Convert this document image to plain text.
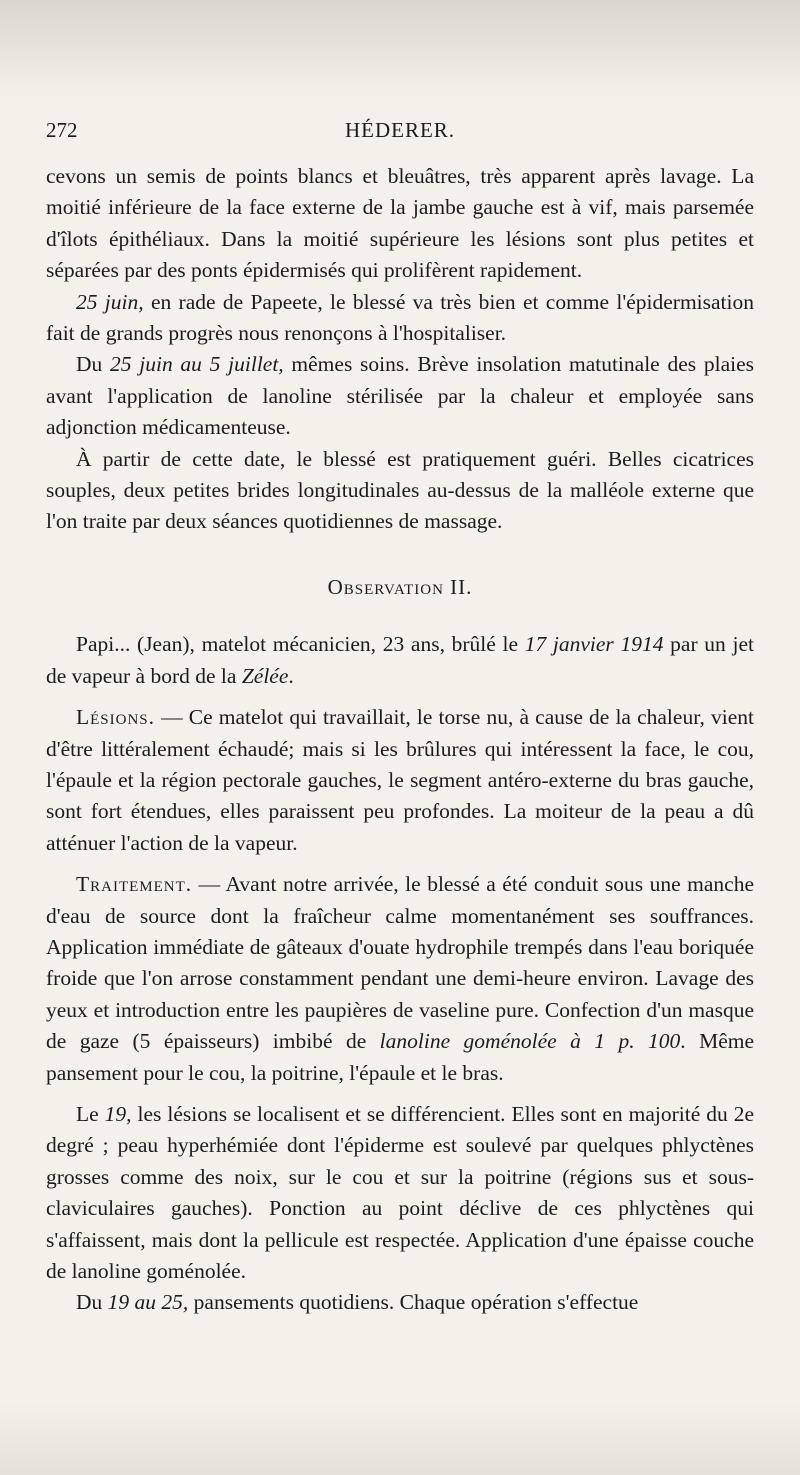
272	HÉDERER.

cevons un semis de points blancs et bleuâtres, très apparent après lavage. La moitié inférieure de la face externe de la jambe gauche est à vif, mais parsemée d'îlots épithéliaux. Dans la moitié supérieure les lésions sont plus petites et séparées par des ponts épidermisés qui prolifèrent rapidement.

25 juin, en rade de Papeete, le blessé va très bien et comme l'épidermisation fait de grands progrès nous renonçons à l'hospitaliser.

Du 25 juin au 5 juillet, mêmes soins. Brève insolation matutinale des plaies avant l'application de lanoline stérilisée par la chaleur et employée sans adjonction médicamenteuse.

À partir de cette date, le blessé est pratiquement guéri. Belles cicatrices souples, deux petites brides longitudinales au-dessus de la malléole externe que l'on traite par deux séances quotidiennes de massage.

Observation II.

Papi... (Jean), matelot mécanicien, 23 ans, brûlé le 17 janvier 1914 par un jet de vapeur à bord de la Zélée.

Lésions. — Ce matelot qui travaillait, le torse nu, à cause de la chaleur, vient d'être littéralement échaudé; mais si les brûlures qui intéressent la face, le cou, l'épaule et la région pectorale gauches, le segment antéro-externe du bras gauche, sont fort étendues, elles paraissent peu profondes. La moiteur de la peau a dû atténuer l'action de la vapeur.

Traitement. — Avant notre arrivée, le blessé a été conduit sous une manche d'eau de source dont la fraîcheur calme momentanément ses souffrances. Application immédiate de gâteaux d'ouate hydrophile trempés dans l'eau boriquée froide que l'on arrose constamment pendant une demi-heure environ. Lavage des yeux et introduction entre les paupières de vaseline pure. Confection d'un masque de gaze (5 épaisseurs) imbibé de lanoline goménolée à 1 p. 100. Même pansement pour le cou, la poitrine, l'épaule et le bras.

Le 19, les lésions se localisent et se différencient. Elles sont en majorité du 2e degré ; peau hyperhémiée dont l'épiderme est soulevé par quelques phlyctènes grosses comme des noix, sur le cou et sur la poitrine (régions sus et sous-claviculaires gauches). Ponction au point déclive de ces phlyctènes qui s'affaissent, mais dont la pellicule est respectée. Application d'une épaisse couche de lanoline goménolée.

Du 19 au 25, pansements quotidiens. Chaque opération s'effectue
